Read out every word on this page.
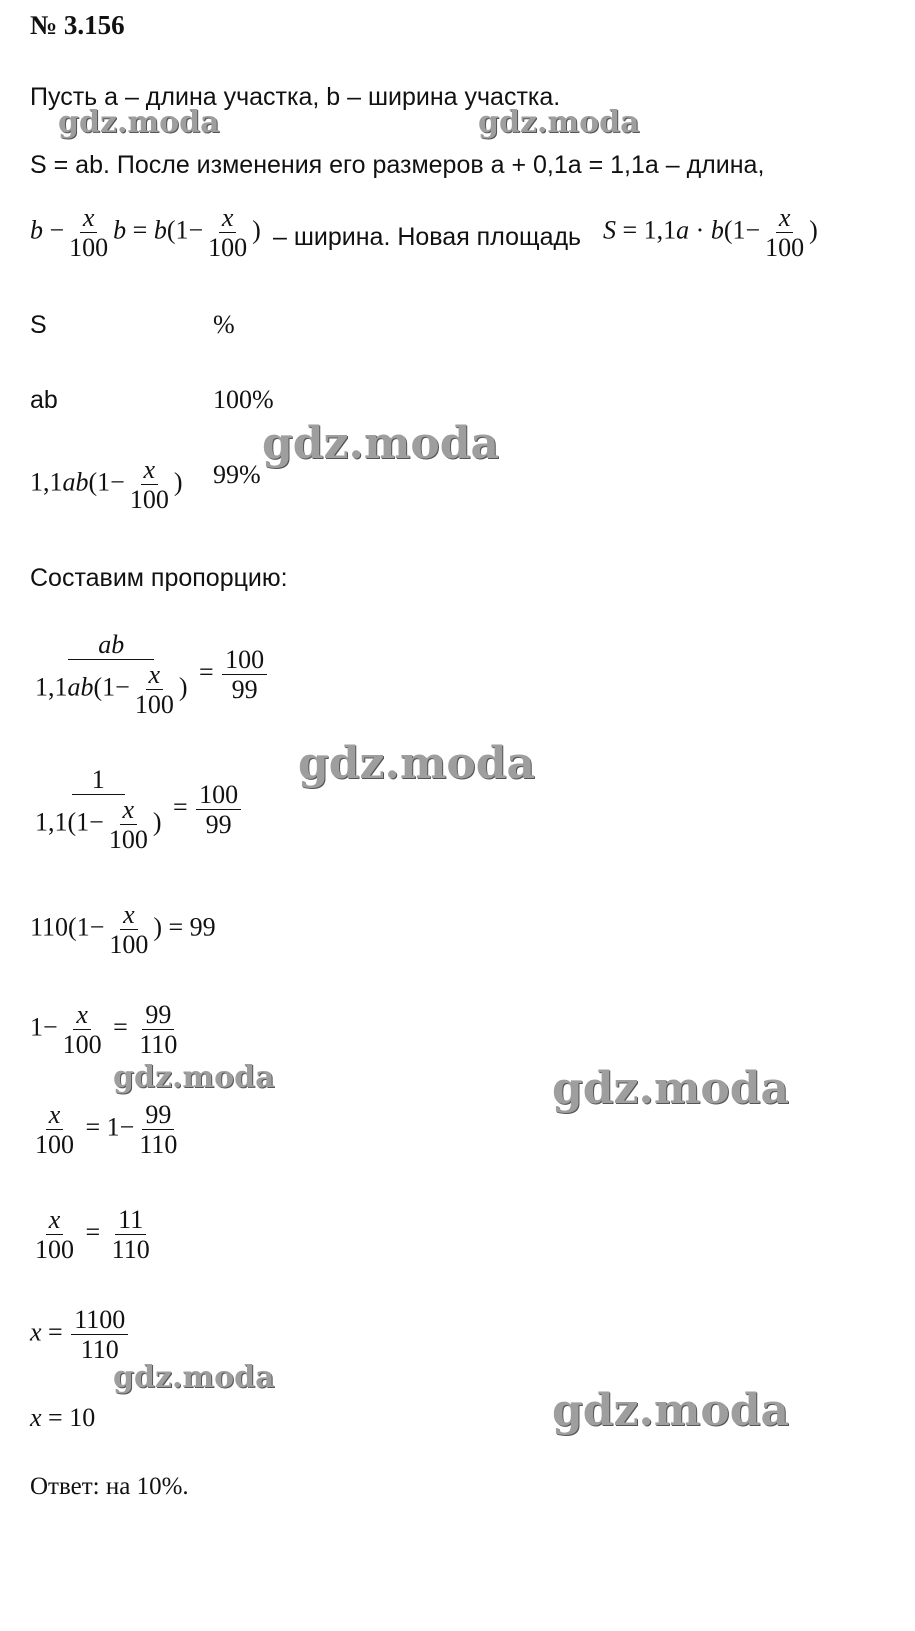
№ 3.156
Пусть a – длина участка, b – ширина участка.
S = ab. После изменения его размеров a + 0,1a = 1,1a – длина,
$b - \frac{x}{100}$ $b = b(1- \frac{x}{100}$ ) – ширина. Новая площадь $S = 1,1a \cdot b(1- \frac{x}{100}$ )
S	%
ab	100%
$1,1ab(1- \frac{x}{100}$ ) 99%
Составим пропорцию:
$\frac{ab}{1,1ab(1- \frac{x}{100} )} = \frac{100}{99}$
$\frac{1}{1,1(1- \frac{x}{100} )} = \frac{100}{99}$
$110(1- \frac{x}{100}$ ) = 99
$1- \frac{x}{100} = \frac{99}{110}$
$\frac{x}{100} = 1- \frac{99}{110}$
$\frac{x}{100} = \frac{11}{110}$
$x = \frac{1100}{110}$
x = 10
Ответ: на 10%.
gdz.moda	gdz.moda
gdz.moda
gdz.moda
gdz.moda	gdz.moda
gdz.moda
gdz.moda
